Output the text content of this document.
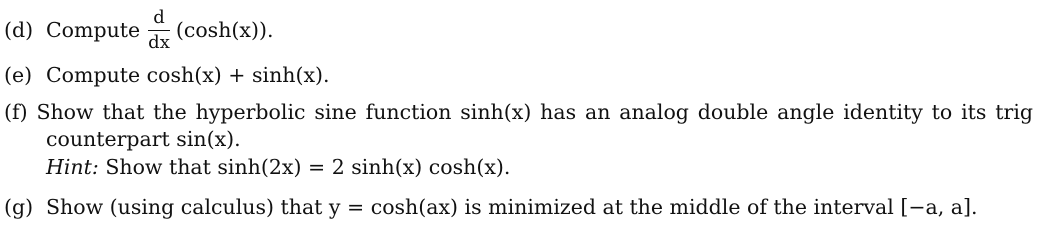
(d) Compute $\frac{d}{dx} (\cosh(x))$.
(e) Compute cosh(x) + sinh(x).
(f) Show that the hyperbolic sine function sinh(x) has an analog double angle identity to its trig
counterpart sin(x).
Hint: Show that sinh(2x) = 2 sinh(x) cosh(x).
(g) Show (using calculus) that y = cosh(ax) is minimized at the middle of the interval [−a, a].
